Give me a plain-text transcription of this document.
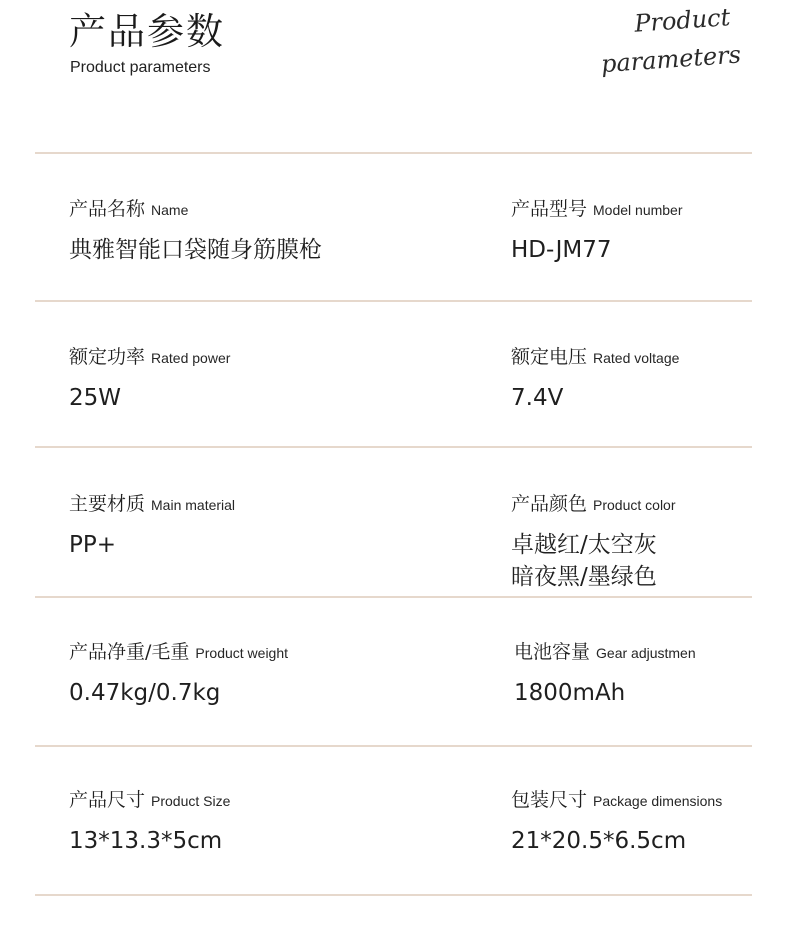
产品参数
Product parameters
Product
parameters
产品名称 Name
典雅智能口袋随身筋膜枪
产品型号 Model number
HD-JM77
额定功率 Rated power
25W
额定电压 Rated voltage
7.4V
主要材质 Main material
PP+
产品颜色 Product color
卓越红/太空灰
暗夜黑/墨绿色
产品净重/毛重 Product weight
0.47kg/0.7kg
电池容量 Gear adjustmen
1800mAh
产品尺寸 Product Size
13*13.3*5cm
包装尺寸 Package dimensions
21*20.5*6.5cm
